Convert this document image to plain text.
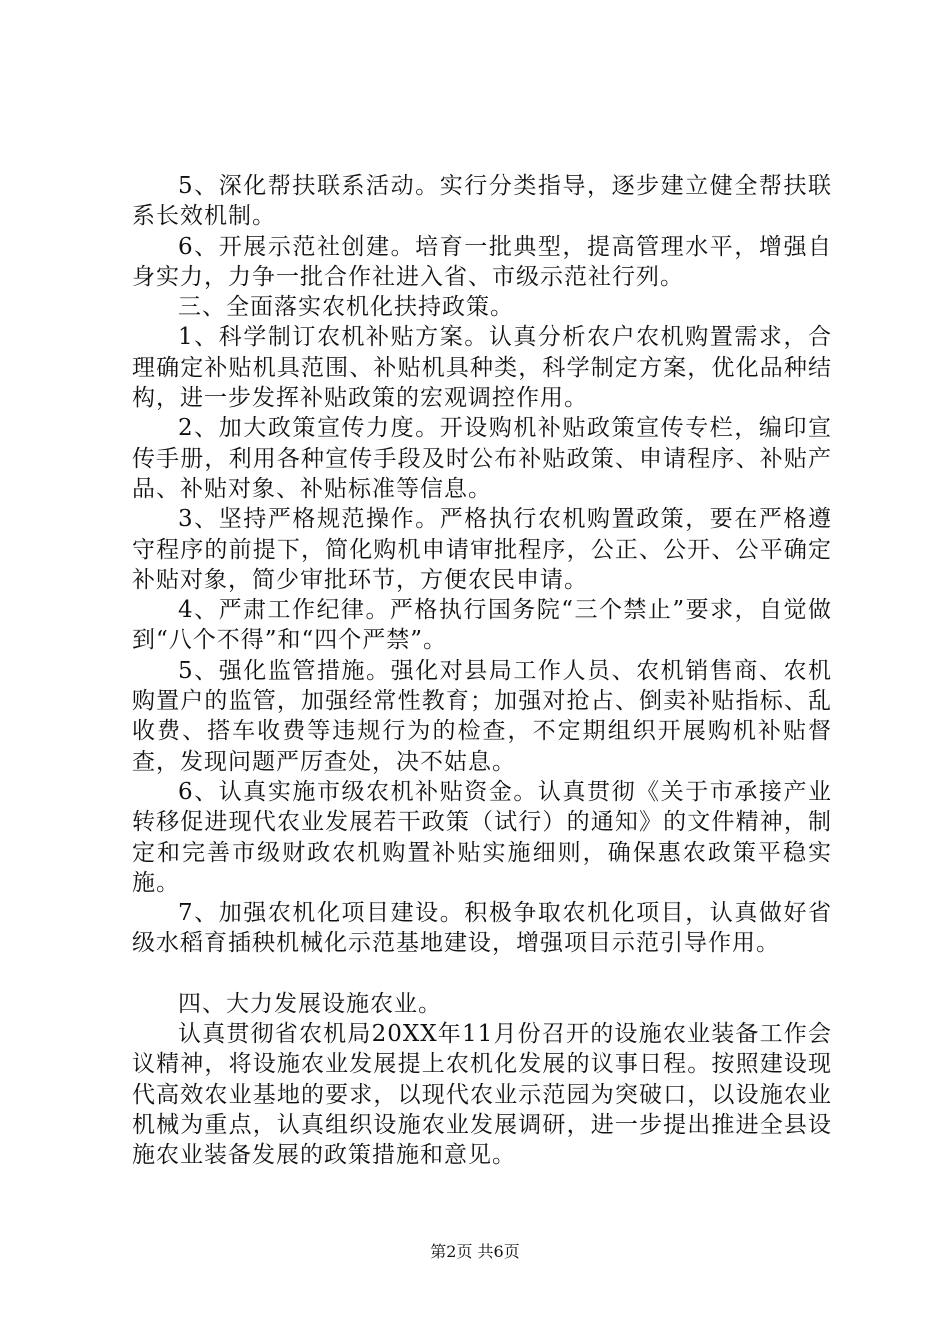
5、深化帮扶联系活动。实行分类指导，逐步建立健全帮扶联系长效机制。

6、开展示范社创建。培育一批典型，提高管理水平，增强自身实力，力争一批合作社进入省、市级示范社行列。

三、全面落实农机化扶持政策。

1、科学制订农机补贴方案。认真分析农户农机购置需求，合理确定补贴机具范围、补贴机具种类，科学制定方案，优化品种结构，进一步发挥补贴政策的宏观调控作用。

2、加大政策宣传力度。开设购机补贴政策宣传专栏，编印宣传手册，利用各种宣传手段及时公布补贴政策、申请程序、补贴产品、补贴对象、补贴标准等信息。

3、坚持严格规范操作。严格执行农机购置政策，要在严格遵守程序的前提下，简化购机申请审批程序，公正、公开、公平确定补贴对象，简少审批环节，方便农民申请。

4、严肃工作纪律。严格执行国务院“三个禁止”要求，自觉做到“八个不得”和“四个严禁”。

5、强化监管措施。强化对县局工作人员、农机销售商、农机购置户的监管，加强经常性教育；加强对抢占、倒卖补贴指标、乱收费、搭车收费等违规行为的检查，不定期组织开展购机补贴督查，发现问题严厉查处，决不姑息。

6、认真实施市级农机补贴资金。认真贯彻《关于市承接产业转移促进现代农业发展若干政策（试行）的通知》的文件精神，制定和完善市级财政农机购置补贴实施细则，确保惠农政策平稳实施。

7、加强农机化项目建设。积极争取农机化项目，认真做好省级水稻育插秧机械化示范基地建设，增强项目示范引导作用。

四、大力发展设施农业。

认真贯彻省农机局20XX年11月份召开的设施农业装备工作会议精神，将设施农业发展提上农机化发展的议事日程。按照建设现代高效农业基地的要求，以现代农业示范园为突破口，以设施农业机械为重点，认真组织设施农业发展调研，进一步提出推进全县设施农业装备发展的政策措施和意见。

第2页 共6页
